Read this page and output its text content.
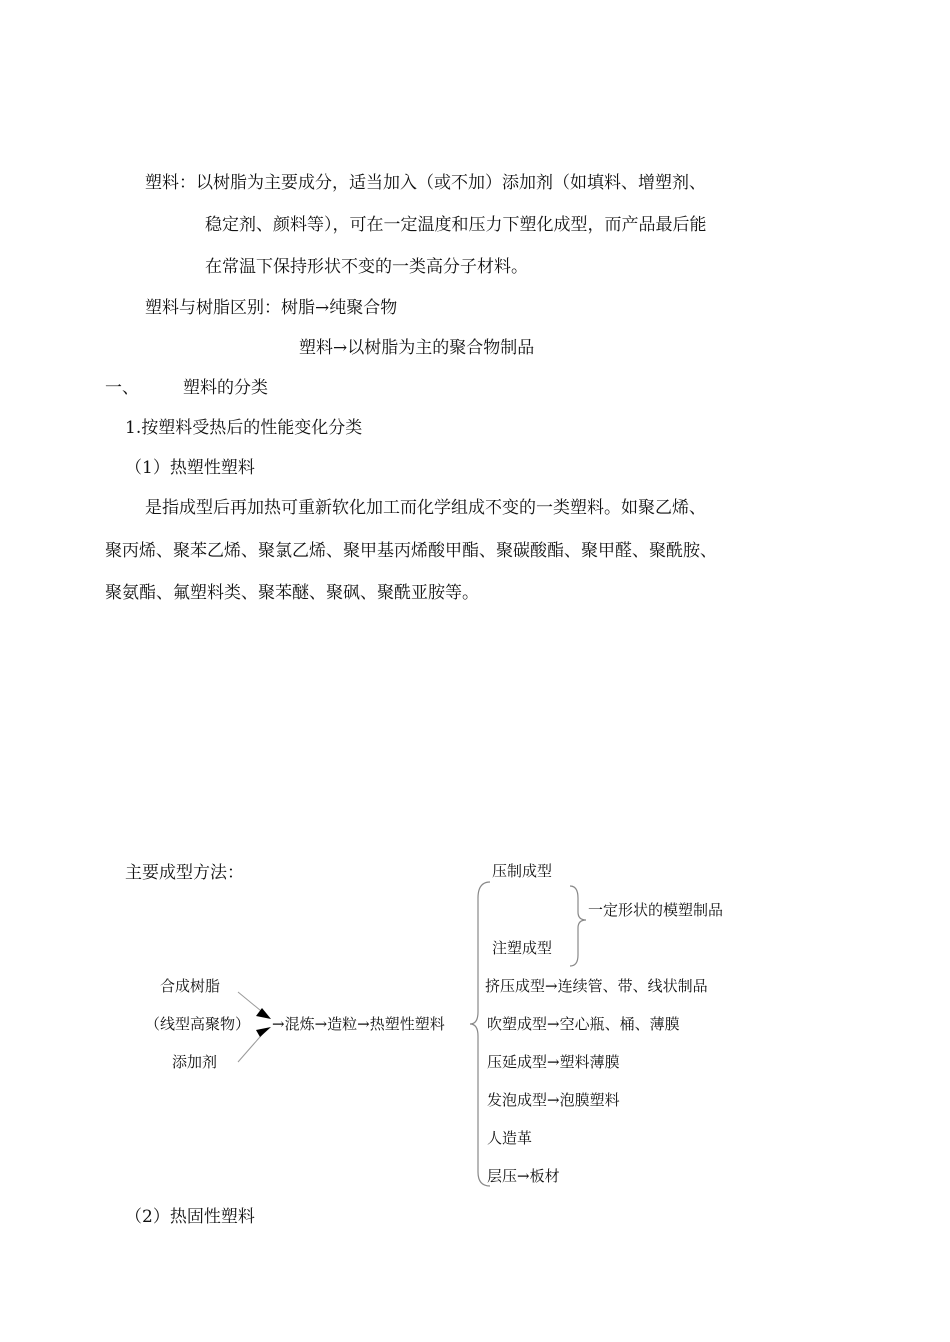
塑料：以树脂为主要成分，适当加入（或不加）添加剂（如填料、增塑剂、
稳定剂、颜料等），可在一定温度和压力下塑化成型，而产品最后能
在常温下保持形状不变的一类高分子材料。
塑料与树脂区别：树脂→纯聚合物
塑料→以树脂为主的聚合物制品
一、	塑料的分类
1.按塑料受热后的性能变化分类
（1）热塑性塑料
是指成型后再加热可重新软化加工而化学组成不变的一类塑料。如聚乙烯、
聚丙烯、聚苯乙烯、聚氯乙烯、聚甲基丙烯酸甲酯、聚碳酸酯、聚甲醛、聚酰胺、
聚氨酯、氟塑料类、聚苯醚、聚砜、聚酰亚胺等。
主要成型方法：
合成树脂
（线型高聚物）
添加剂
→混炼→造粒→热塑性塑料
压制成型
一定形状的模塑制品
注塑成型
挤压成型→连续管、带、线状制品
吹塑成型→空心瓶、桶、薄膜
压延成型→塑料薄膜
发泡成型→泡膜塑料
人造革
层压→板材
（2）热固性塑料
